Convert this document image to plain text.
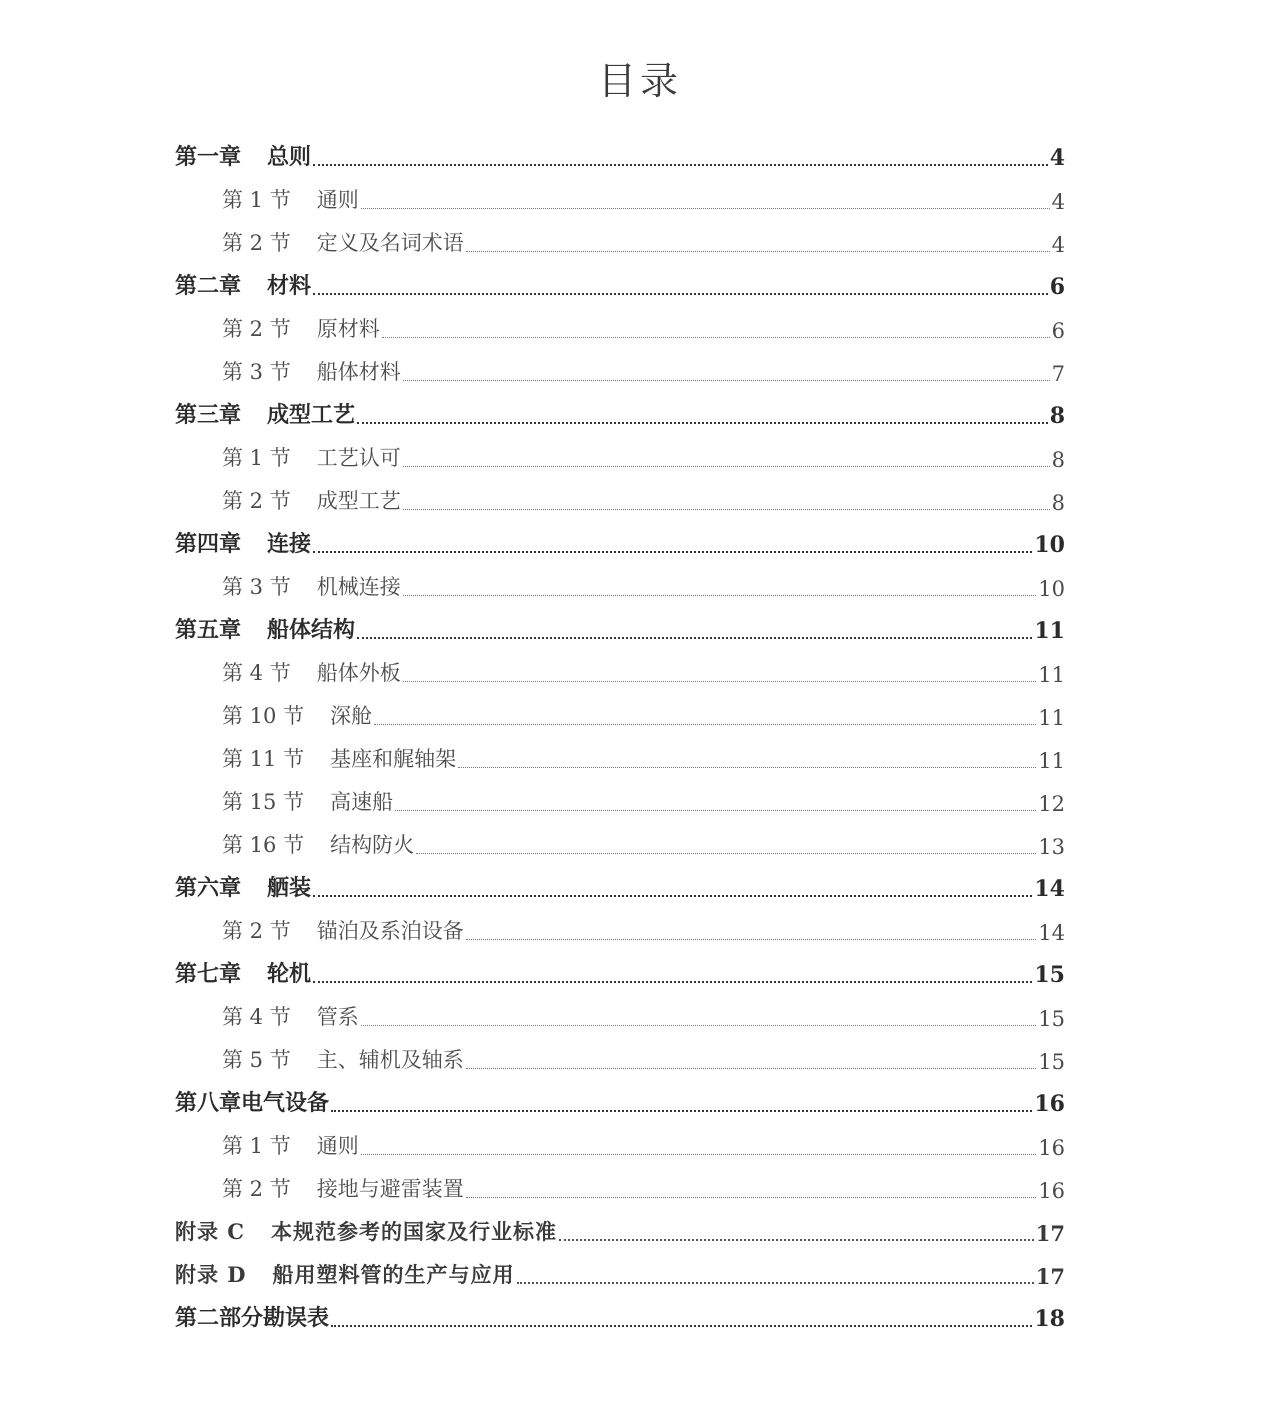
目录
第一章 总则	4
第 1 节 通则	4
第 2 节 定义及名词术语	4
第二章 材料	6
第 2 节 原材料	6
第 3 节 船体材料	7
第三章 成型工艺	8
第 1 节 工艺认可	8
第 2 节 成型工艺	8
第四章 连接	10
第 3 节 机械连接	10
第五章 船体结构	11
第 4 节 船体外板	11
第 10 节 深舱	11
第 11 节 基座和艉轴架	11
第 15 节 高速船	12
第 16 节 结构防火	13
第六章 舾装	14
第 2 节 锚泊及系泊设备	14
第七章 轮机	15
第 4 节 管系	15
第 5 节 主、辅机及轴系	15
第八章电气设备	16
第 1 节 通则	16
第 2 节 接地与避雷装置	16
附录 C 本规范参考的国家及行业标准	17
附录 D 船用塑料管的生产与应用	17
第二部分勘误表	18
